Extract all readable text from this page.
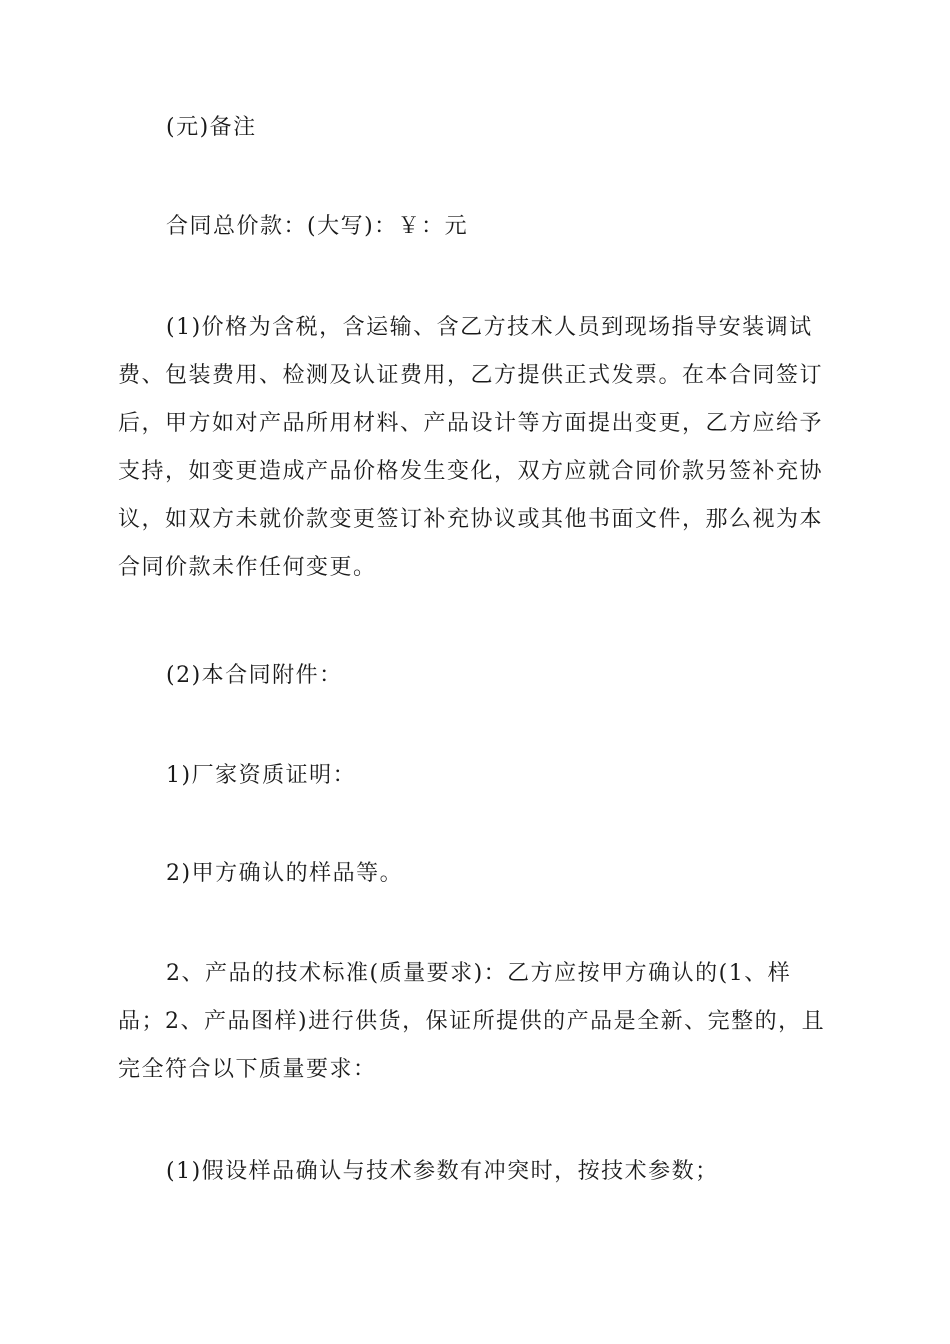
(元)备注

合同总价款：(大写)：￥：元

(1)价格为含税，含运输、含乙方技术人员到现场指导安装调试费、包装费用、检测及认证费用，乙方提供正式发票。在本合同签订后，甲方如对产品所用材料、产品设计等方面提出变更，乙方应给予支持，如变更造成产品价格发生变化，双方应就合同价款另签补充协议，如双方未就价款变更签订补充协议或其他书面文件，那么视为本合同价款未作任何变更。

(2)本合同附件：

1)厂家资质证明：

2)甲方确认的样品等。

2、产品的技术标准(质量要求)：乙方应按甲方确认的(1、样品；2、产品图样)进行供货，保证所提供的产品是全新、完整的，且完全符合以下质量要求：

(1)假设样品确认与技术参数有冲突时，按技术参数；
